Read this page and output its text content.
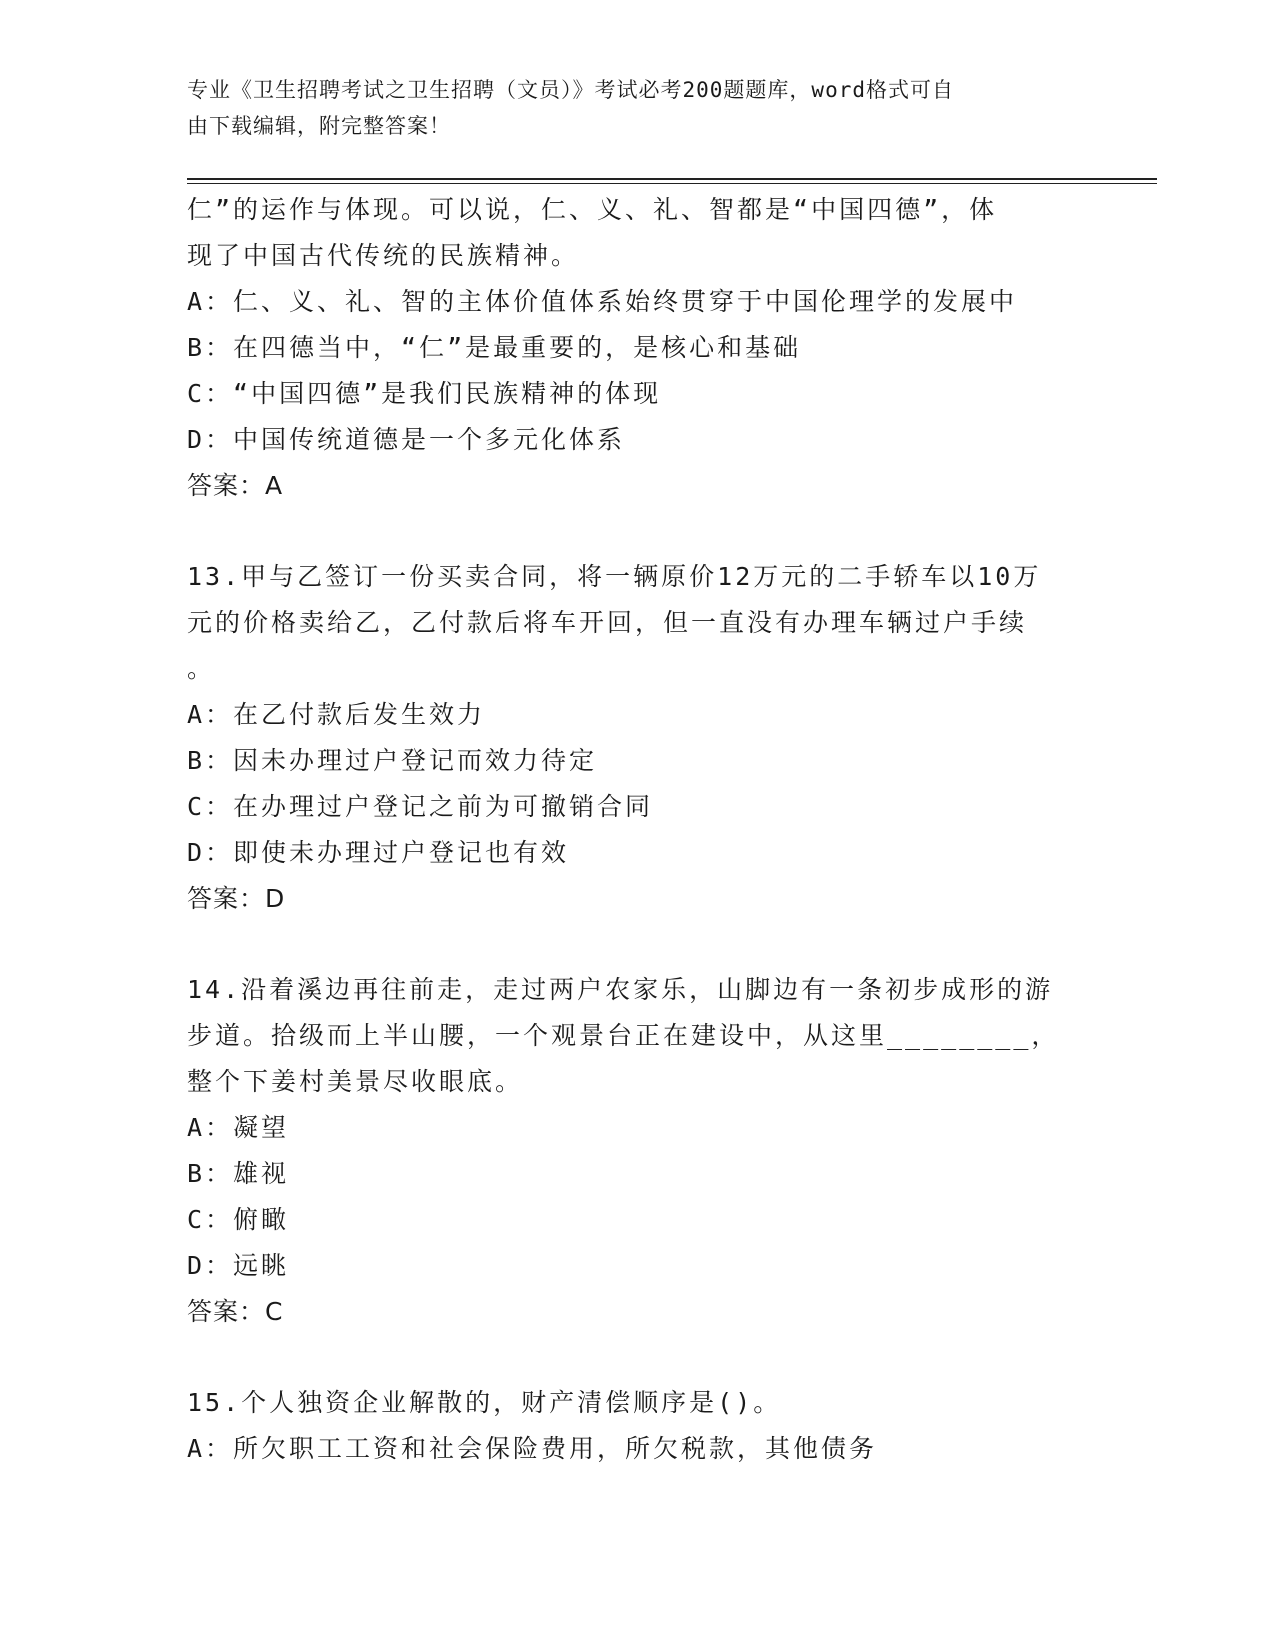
专业《卫生招聘考试之卫生招聘（文员）》考试必考200题题库，word格式可自
由下载编辑，附完整答案！
仁”的运作与体现。可以说，仁、义、礼、智都是“中国四德”，体
现了中国古代传统的民族精神。
A：仁、义、礼、智的主体价值体系始终贯穿于中国伦理学的发展中
B：在四德当中，“仁”是最重要的，是核心和基础
C：“中国四德”是我们民族精神的体现
D：中国传统道德是一个多元化体系
答案：A
13.甲与乙签订一份买卖合同，将一辆原价12万元的二手轿车以10万
元的价格卖给乙，乙付款后将车开回，但一直没有办理车辆过户手续
。
A：在乙付款后发生效力
B：因未办理过户登记而效力待定
C：在办理过户登记之前为可撤销合同
D：即使未办理过户登记也有效
答案：D
14.沿着溪边再往前走，走过两户农家乐，山脚边有一条初步成形的游
步道。拾级而上半山腰，一个观景台正在建设中，从这里________，
整个下姜村美景尽收眼底。
A：凝望
B：雄视
C：俯瞰
D：远眺
答案：C
15.个人独资企业解散的，财产清偿顺序是()。
A：所欠职工工资和社会保险费用，所欠税款，其他债务
